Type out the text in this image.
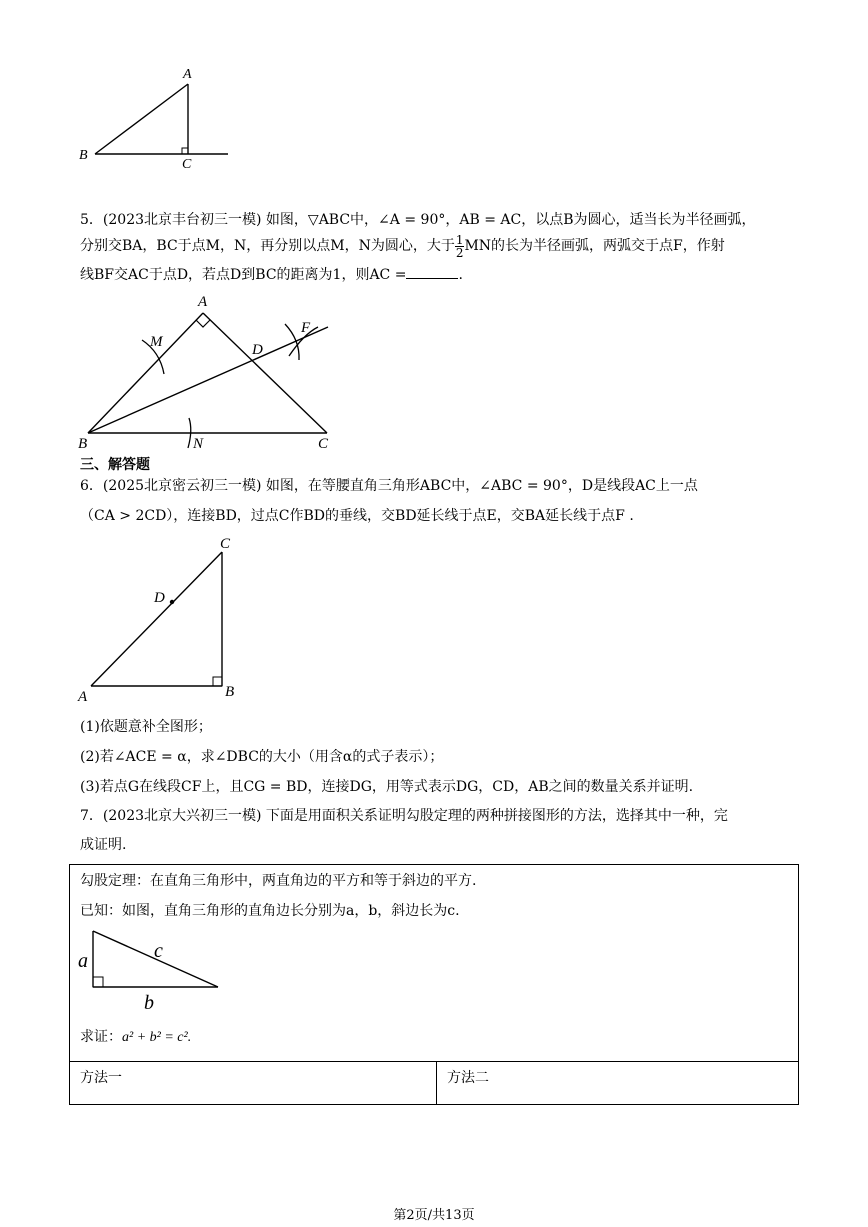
A
B
C
5．(2023北京丰台初三一模) 如图，▽ABC中，∠A = 90°，AB = AC，以点B为圆心，适当长为半径画弧，
分别交BA，BC于点M，N，再分别以点M，N为圆心，大于 $\frac{1}{2}$ MN的长为半径画弧，两弧交于点F，作射
线BF交AC于点D，若点D到BC的距离为1，则AC =	.
A
B	C
D
M
N
F
三、解答题
6．(2025北京密云初三一模) 如图，在等腰直角三角形ABC中，∠ABC = 90°，D是线段AC上一点
（CA > 2CD），连接BD，过点C作BD的垂线，交BD延长线于点E，交BA延长线于点F .
C
D
A	B
(1)依题意补全图形；
(2)若∠ACE = α，求∠DBC的大小（用含α的式子表示）；
(3)若点G在线段CF上，且CG = BD，连接DG，用等式表示DG，CD，AB之间的数量关系并证明.
7．(2023北京大兴初三一模) 下面是用面积关系证明勾股定理的两种拼接图形的方法，选择其中一种，完
成证明.
勾股定理：在直角三角形中，两直角边的平方和等于斜边的平方.
已知：如图，直角三角形的直角边长分别为a，b，斜边长为c.
a	c
b
求证：a² + b² = c².

方法一	方法二
第2页/共13页
